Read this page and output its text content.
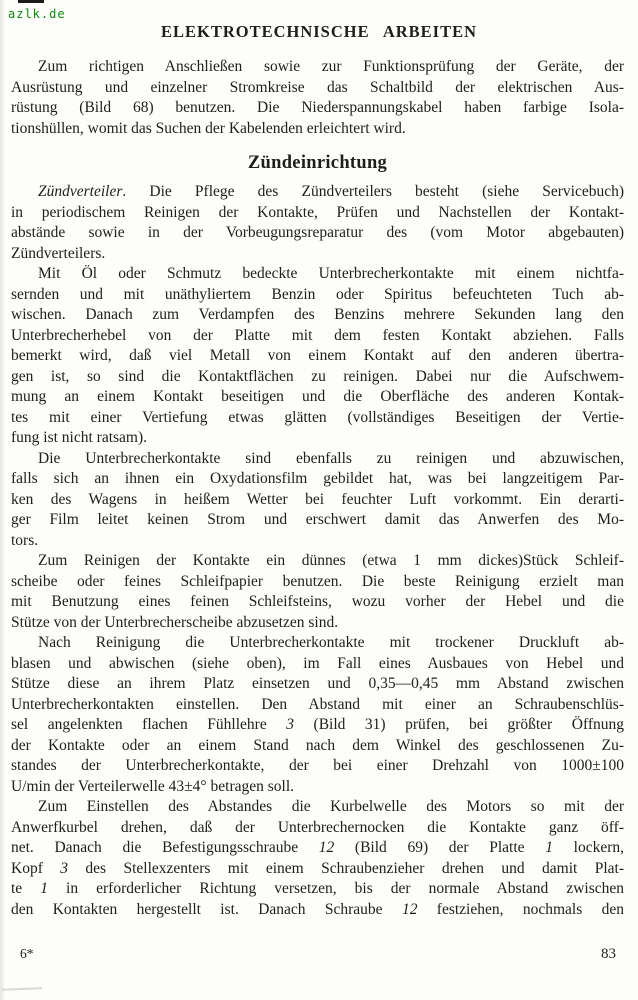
azlk.de
ELEKTROTECHNISCHE ARBEITEN
Zum richtigen Anschließen sowie zur Funktionsprüfung der Geräte, der
Ausrüstung und einzelner Stromkreise das Schaltbild der elektrischen Aus-
rüstung (Bild 68) benutzen. Die Niederspannungskabel haben farbige Isola-
tionshüllen, womit das Suchen der Kabelenden erleichtert wird.
Zündeinrichtung
Zündverteiler. Die Pflege des Zündverteilers besteht (siehe Servicebuch)
in periodischem Reinigen der Kontakte, Prüfen und Nachstellen der Kontakt-
abstände sowie in der Vorbeugungsreparatur des (vom Motor abgebauten)
Zündverteilers.
Mit Öl oder Schmutz bedeckte Unterbrecherkontakte mit einem nichtfa-
sernden und mit unäthyliertem Benzin oder Spiritus befeuchteten Tuch ab-
wischen. Danach zum Verdampfen des Benzins mehrere Sekunden lang den
Unterbrecherhebel von der Platte mit dem festen Kontakt abziehen. Falls
bemerkt wird, daß viel Metall von einem Kontakt auf den anderen übertra-
gen ist, so sind die Kontaktflächen zu reinigen. Dabei nur die Aufschwem-
mung an einem Kontakt beseitigen und die Oberfläche des anderen Kontak-
tes mit einer Vertiefung etwas glätten (vollständiges Beseitigen der Vertie-
fung ist nicht ratsam).
Die Unterbrecherkontakte sind ebenfalls zu reinigen und abzuwischen,
falls sich an ihnen ein Oxydationsfilm gebildet hat, was bei langzeitigem Par-
ken des Wagens in heißem Wetter bei feuchter Luft vorkommt. Ein derarti-
ger Film leitet keinen Strom und erschwert damit das Anwerfen des Mo-
tors.
Zum Reinigen der Kontakte ein dünnes (etwa 1 mm dickes)Stück Schleif-
scheibe oder feines Schleifpapier benutzen. Die beste Reinigung erzielt man
mit Benutzung eines feinen Schleifsteins, wozu vorher der Hebel und die
Stütze von der Unterbrecherscheibe abzusetzen sind.
Nach Reinigung die Unterbrecherkontakte mit trockener Druckluft ab-
blasen und abwischen (siehe oben), im Fall eines Ausbaues von Hebel und
Stütze diese an ihrem Platz einsetzen und 0,35—0,45 mm Abstand zwischen
Unterbrecherkontakten einstellen. Den Abstand mit einer an Schraubenschlüs-
sel angelenkten flachen Fühllehre 3 (Bild 31) prüfen, bei größter Öffnung
der Kontakte oder an einem Stand nach dem Winkel des geschlossenen Zu-
standes der Unterbrecherkontakte, der bei einer Drehzahl von 1000±100
U/min der Verteilerwelle 43±4° betragen soll.
Zum Einstellen des Abstandes die Kurbelwelle des Motors so mit der
Anwerfkurbel drehen, daß der Unterbrechernocken die Kontakte ganz öff-
net. Danach die Befestigungsschraube 12 (Bild 69) der Platte 1 lockern,
Kopf 3 des Stellexzenters mit einem Schraubenzieher drehen und damit Plat-
te 1 in erforderlicher Richtung versetzen, bis der normale Abstand zwischen
den Kontakten hergestellt ist. Danach Schraube 12 festziehen, nochmals den
6*	83
